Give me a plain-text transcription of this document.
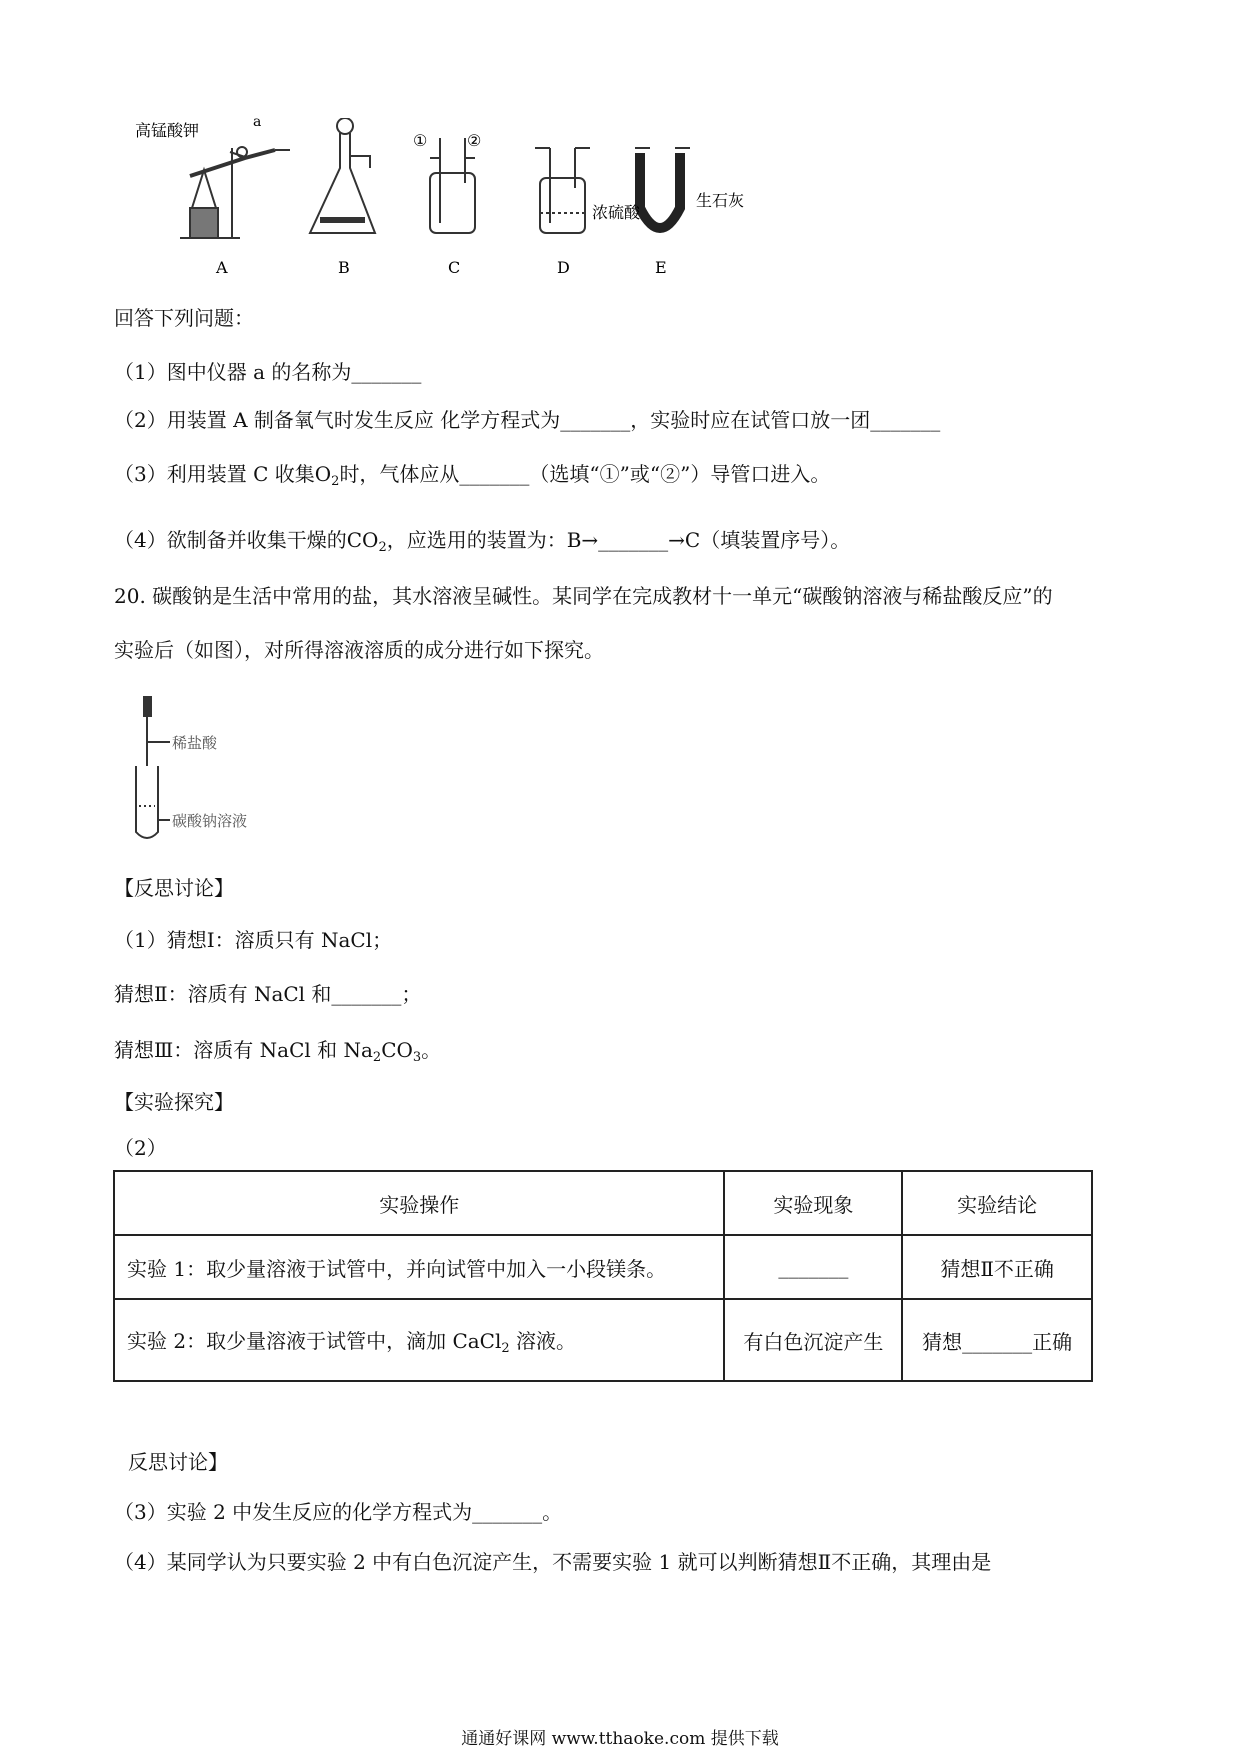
高锰酸钾	a
① ②
浓硫酸
生石灰
A	B	C	D	E
回答下列问题：
（1）图中仪器 a 的名称为_______
（2）用装置 A 制备氧气时发生反应 化学方程式为_______，实验时应在试管口放一团_______
（3）利用装置 C 收集$O_2$时，气体应从_______（选填“①”或“②”）导管口进入。
（4）欲制备并收集干燥的$CO_2$，应选用的装置为：B→_______→C（填装置序号）。
20. 碳酸钠是生活中常用的盐，其水溶液呈碱性。某同学在完成教材十一单元“碳酸钠溶液与稀盐酸反应”的
实验后（如图），对所得溶液溶质的成分进行如下探究。
稀盐酸
碳酸钠溶液
【反思讨论】
（1）猜想Ⅰ：溶质只有 NaCl；
猜想Ⅱ：溶质有 NaCl 和_______；
猜想Ⅲ：溶质有 NaCl 和 $Na_2CO_3$。
【实验探究】
（2）
实验操作	实验现象	实验结论
实验 1：取少量溶液于试管中，并向试管中加入一小段镁条。	_______	猜想Ⅱ不正确
实验 2：取少量溶液于试管中，滴加 CaCl$_2$ 溶液。	有白色沉淀产生	猜想_______正确
反思讨论】
（3）实验 2 中发生反应的化学方程式为_______。
（4）某同学认为只要实验 2 中有白色沉淀产生，不需要实验 1 就可以判断猜想Ⅱ不正确，其理由是
通通好课网 www.tthaoke.com 提供下载
